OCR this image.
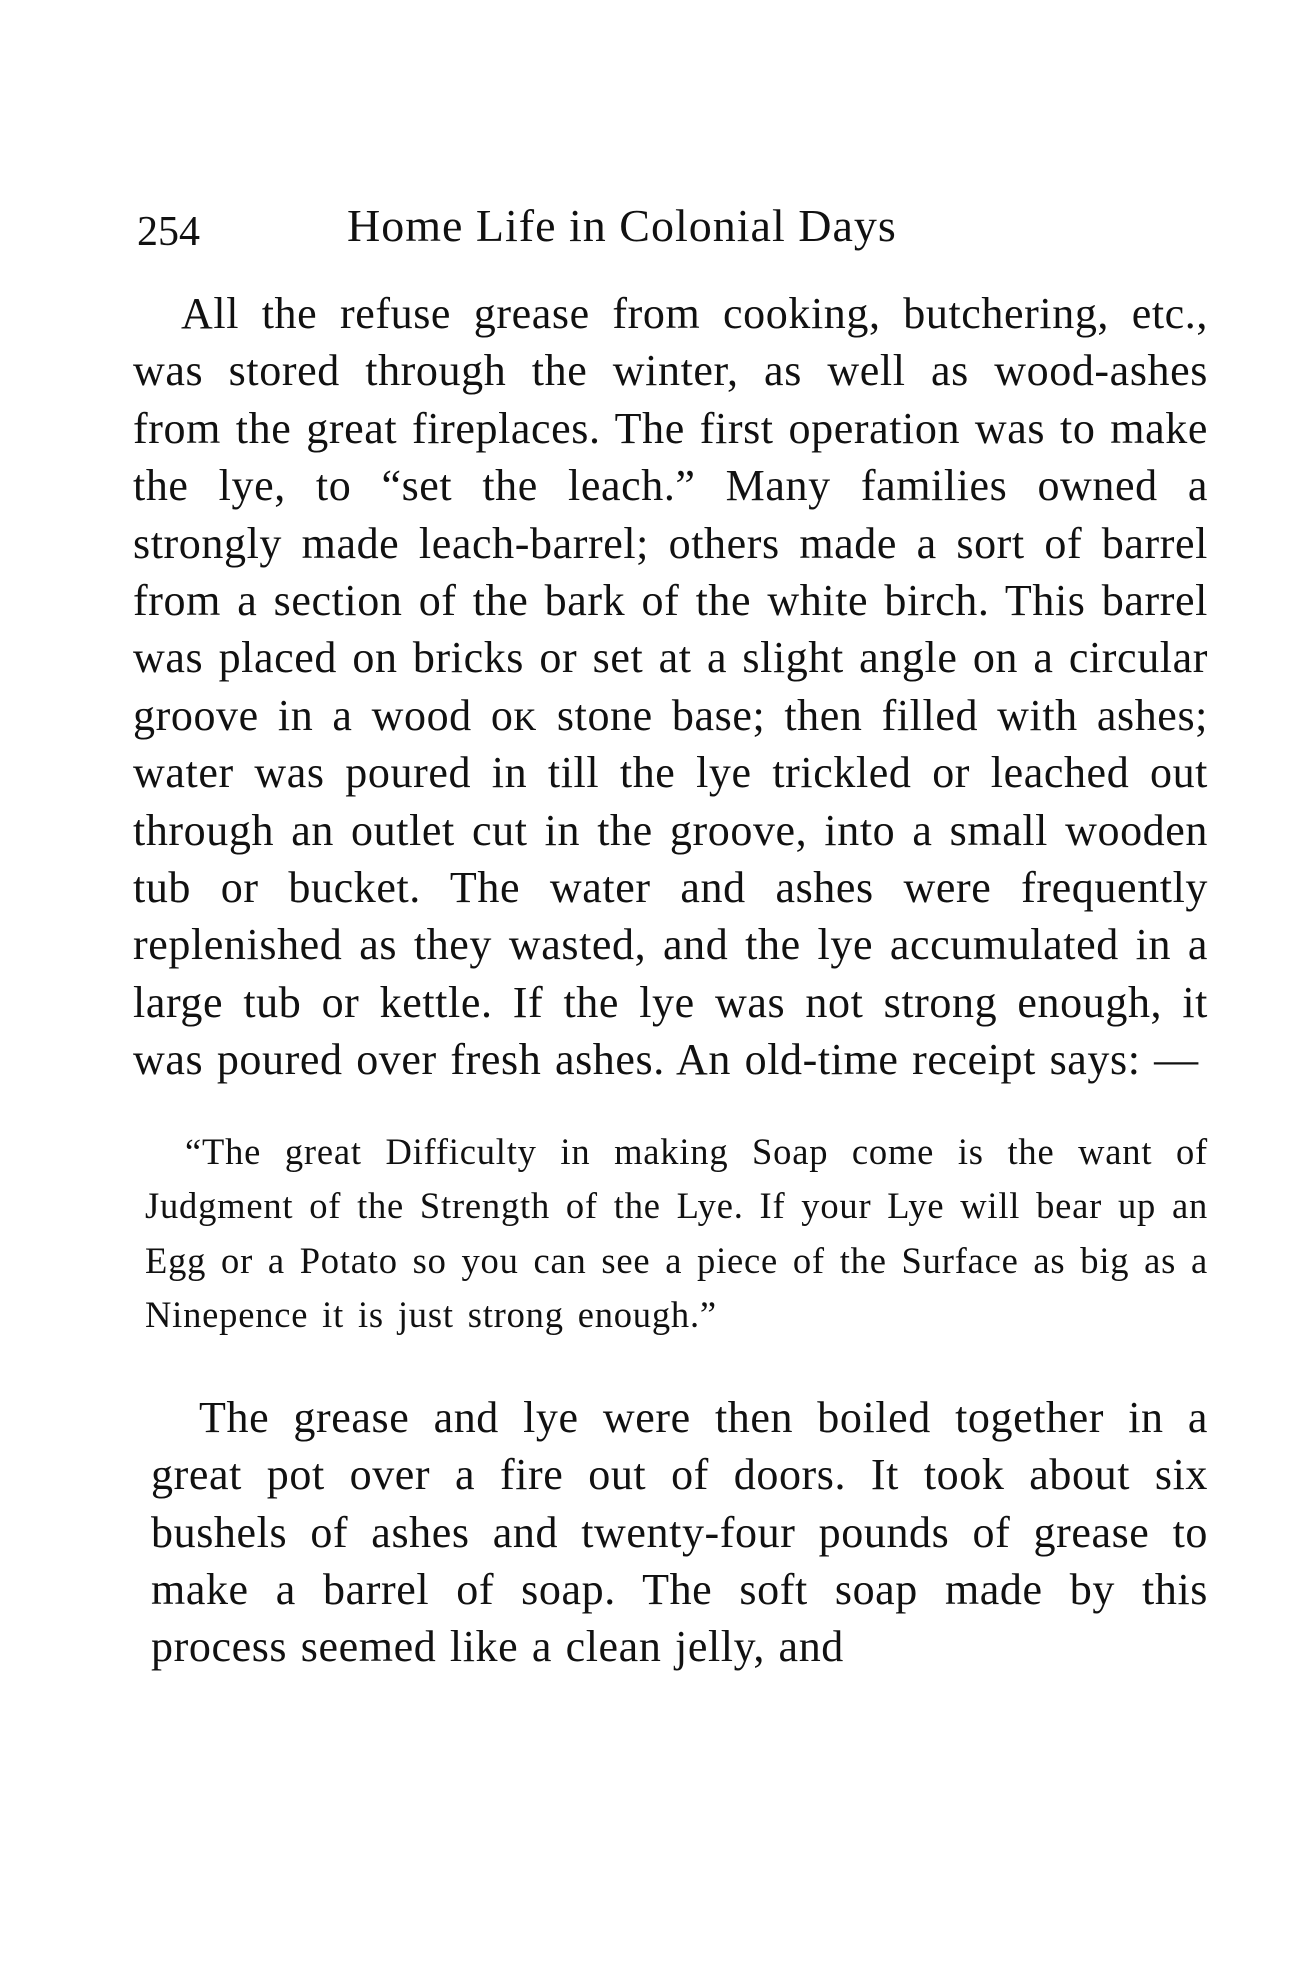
254	Home Life in Colonial Days

All the refuse grease from cooking, butchering, etc., was stored through the winter, as well as wood-ashes from the great fireplaces. The first operation was to make the lye, to “set the leach.” Many families owned a strongly made leach-barrel; others made a sort of barrel from a section of the bark of the white birch. This barrel was placed on bricks or set at a slight angle on a circular groove in a wood oᴋ stone base; then filled with ashes; water was poured in till the lye trickled or leached out through an outlet cut in the groove, into a small wooden tub or bucket. The water and ashes were frequently replenished as they wasted, and the lye accumulated in a large tub or kettle. If the lye was not strong enough, it was poured over fresh ashes. An old-time receipt says: —

“The great Difficulty in making Soap come is the want of Judgment of the Strength of the Lye. If your Lye will bear up an Egg or a Potato so you can see a piece of the Surface as big as a Ninepence it is just strong enough.”

The grease and lye were then boiled together in a great pot over a fire out of doors. It took about six bushels of ashes and twenty-four pounds of grease to make a barrel of soap. The soft soap made by this process seemed like a clean jelly, and
